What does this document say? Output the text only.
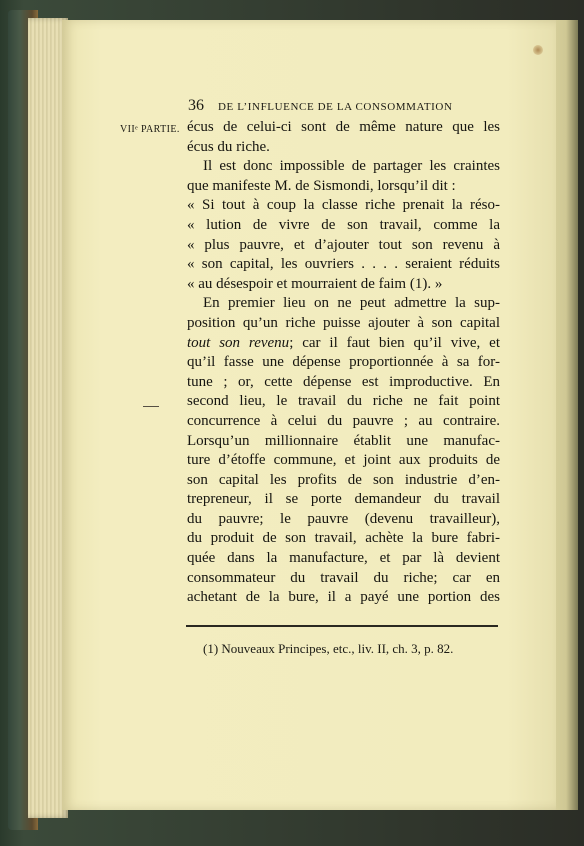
36 DE L’INFLUENCE DE LA CONSOMMATION
VIIᵉ PARTIE. écus de celui-ci sont de même nature que les
écus du riche.
Il est donc impossible de partager les craintes
que manifeste M. de Sismondi, lorsqu’il dit :
« Si tout à coup la classe riche prenait la réso-
« lution de vivre de son travail, comme la
« plus pauvre, et d’ajouter tout son revenu à
« son capital, les ouvriers . . . . seraient réduits
« au désespoir et mourraient de faim (1). »
En premier lieu on ne peut admettre la sup-
position qu’un riche puisse ajouter à son capital
tout son revenu; car il faut bien qu’il vive, et
qu’il fasse une dépense proportionnée à sa for-
tune ; or, cette dépense est improductive. En
second lieu, le travail du riche ne fait point
concurrence à celui du pauvre ; au contraire.
Lorsqu’un millionnaire établit une manufac-
ture d’étoffe commune, et joint aux produits de
son capital les profits de son industrie d’en-
trepreneur, il se porte demandeur du travail
du pauvre; le pauvre (devenu travailleur),
du produit de son travail, achète la bure fabri-
quée dans la manufacture, et par là devient
consommateur du travail du riche; car en
achetant de la bure, il a payé une portion des
(1) Nouveaux Principes, etc., liv. II, ch. 3, p. 82.
